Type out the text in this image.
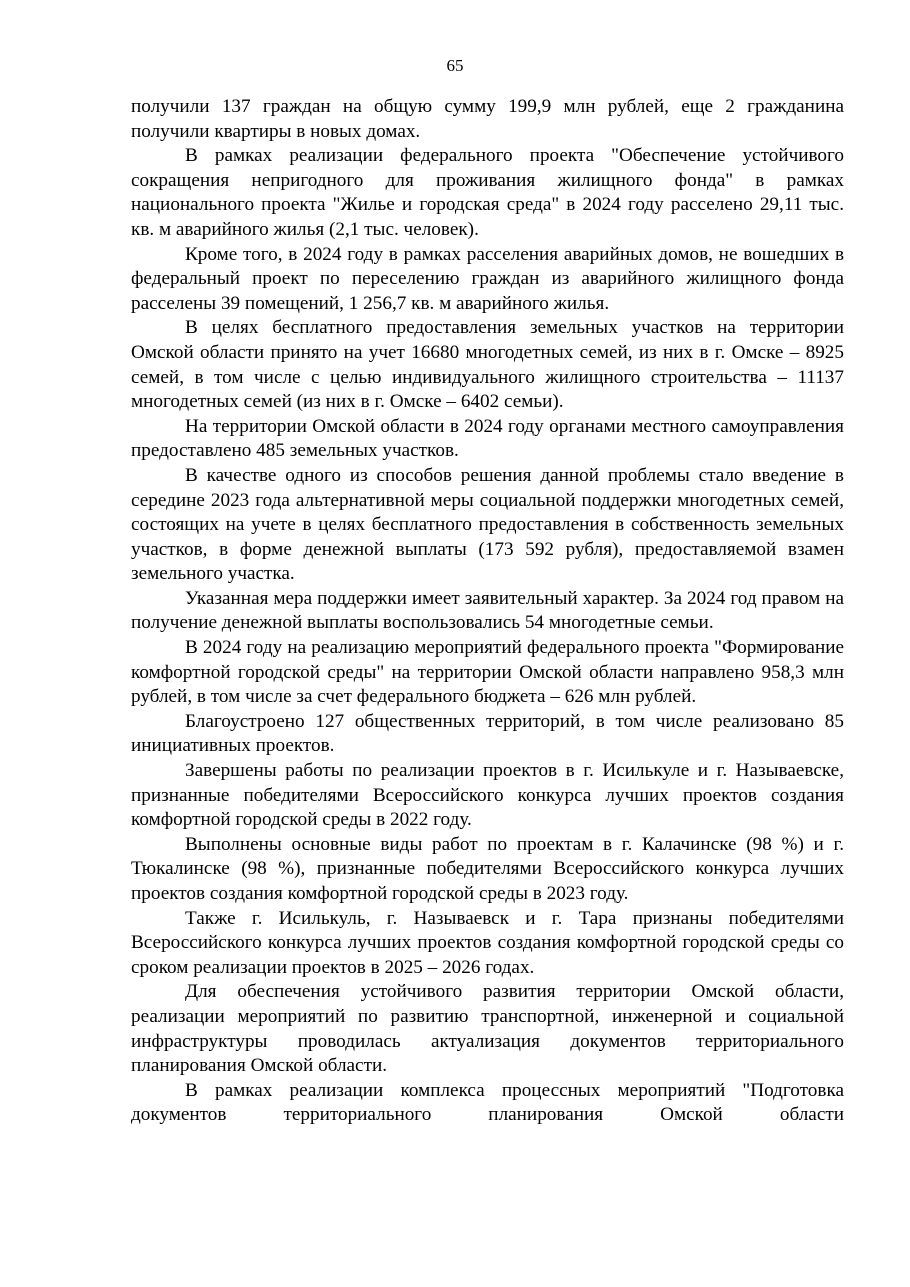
65

получили 137 граждан на общую сумму 199,9 млн рублей, еще 2 гражданина получили квартиры в новых домах.

В рамках реализации федерального проекта "Обеспечение устойчивого сокращения непригодного для проживания жилищного фонда" в рамках национального проекта "Жилье и городская среда" в 2024 году расселено 29,11 тыс. кв. м аварийного жилья (2,1 тыс. человек).

Кроме того, в 2024 году в рамках расселения аварийных домов, не вошедших в федеральный проект по переселению граждан из аварийного жилищного фонда расселены 39 помещений, 1 256,7 кв. м аварийного жилья.

В целях бесплатного предоставления земельных участков на территории Омской области принято на учет 16680 многодетных семей, из них в г. Омске – 8925 семей, в том числе с целью индивидуального жилищного строительства – 11137 многодетных семей (из них в г. Омске – 6402 семьи).

На территории Омской области в 2024 году органами местного самоуправления предоставлено 485 земельных участков.

В качестве одного из способов решения данной проблемы стало введение в середине 2023 года альтернативной меры социальной поддержки многодетных семей, состоящих на учете в целях бесплатного предоставления в собственность земельных участков, в форме денежной выплаты (173 592 рубля), предоставляемой взамен земельного участка.

Указанная мера поддержки имеет заявительный характер. За 2024 год правом на получение денежной выплаты воспользовались 54 многодетные семьи.

В 2024 году на реализацию мероприятий федерального проекта "Формирование комфортной городской среды" на территории Омской области направлено 958,3 млн рублей, в том числе за счет федерального бюджета – 626 млн рублей.

Благоустроено 127 общественных территорий, в том числе реализовано 85 инициативных проектов.

Завершены работы по реализации проектов в г. Исилькуле и г. Называевске, признанные победителями Всероссийского конкурса лучших проектов создания комфортной городской среды в 2022 году.

Выполнены основные виды работ по проектам в г. Калачинске (98 %) и г. Тюкалинске (98 %), признанные победителями Всероссийского конкурса лучших проектов создания комфортной городской среды в 2023 году.

Также г. Исилькуль, г. Называевск и г. Тара признаны победителями Всероссийского конкурса лучших проектов создания комфортной городской среды со сроком реализации проектов в 2025 – 2026 годах.

Для обеспечения устойчивого развития территории Омской области, реализации мероприятий по развитию транспортной, инженерной и социальной инфраструктуры проводилась актуализация документов территориального планирования Омской области.

В рамках реализации комплекса процессных мероприятий "Подготовка документов территориального планирования Омской области
